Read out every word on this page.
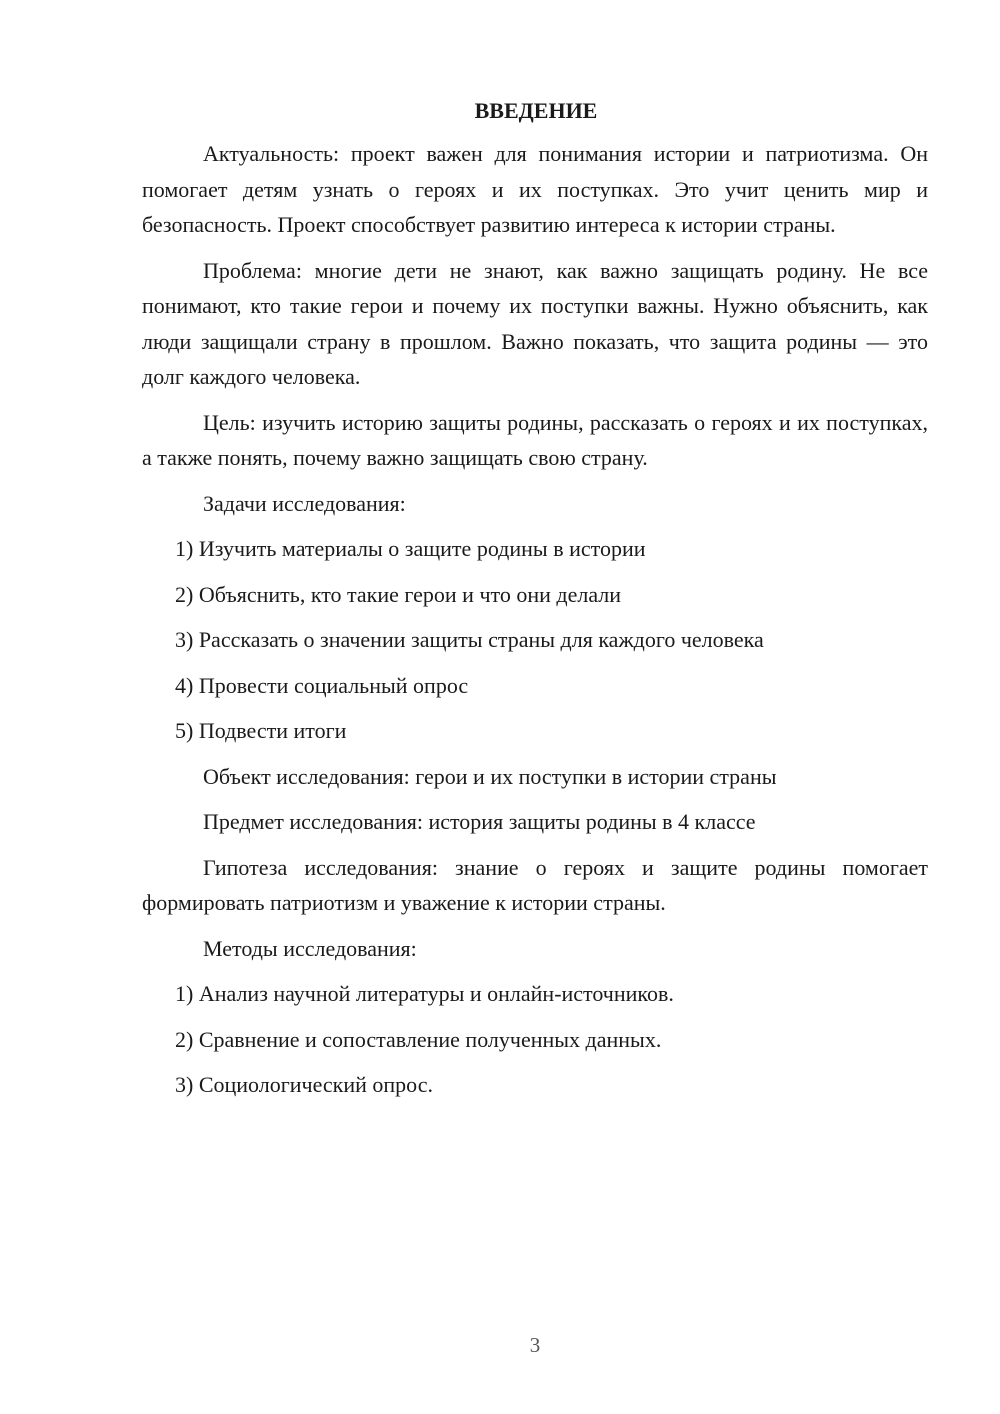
ВВЕДЕНИЕ

Актуальность: проект важен для понимания истории и патриотизма. Он помогает детям узнать о героях и их поступках. Это учит ценить мир и безопасность. Проект способствует развитию интереса к истории страны.

Проблема: многие дети не знают, как важно защищать родину. Не все понимают, кто такие герои и почему их поступки важны. Нужно объяснить, как люди защищали страну в прошлом. Важно показать, что защита родины — это долг каждого человека.

Цель: изучить историю защиты родины, рассказать о героях и их поступках, а также понять, почему важно защищать свою страну.

Задачи исследования:

1) Изучить материалы о защите родины в истории
2) Объяснить, кто такие герои и что они делали
3) Рассказать о значении защиты страны для каждого человека
4) Провести социальный опрос
5) Подвести итоги

Объект исследования: герои и их поступки в истории страны

Предмет исследования: история защиты родины в 4 классе

Гипотеза исследования: знание о героях и защите родины помогает формировать патриотизм и уважение к истории страны.

Методы исследования:

1) Анализ научной литературы и онлайн-источников.
2) Сравнение и сопоставление полученных данных.
3) Социологический опрос.
3
